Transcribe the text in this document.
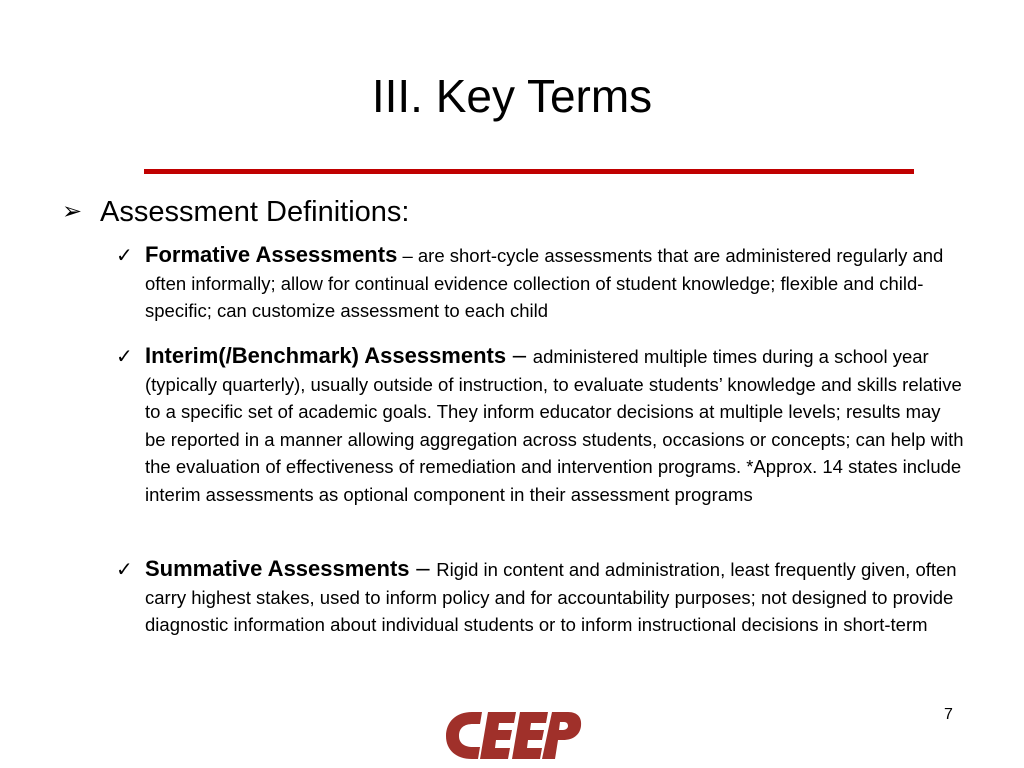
III. Key Terms
➢ Assessment Definitions:
✓ Formative Assessments – are short-cycle assessments that are administered regularly and often informally; allow for continual evidence collection of student knowledge; flexible and child-specific; can customize assessment to each child
✓ Interim(/Benchmark) Assessments – administered multiple times during a school year (typically quarterly), usually outside of instruction, to evaluate students’ knowledge and skills relative to a specific set of academic goals. They inform educator decisions at multiple levels; results may be reported in a manner allowing aggregation across students, occasions or concepts; can help with the evaluation of effectiveness of remediation and intervention programs. *Approx. 14 states include interim assessments as optional component in their assessment programs
✓ Summative Assessments – Rigid in content and administration, least frequently given, often carry highest stakes, used to inform policy and for accountability purposes; not designed to provide diagnostic information about individual students or to inform instructional decisions in short-term
7
